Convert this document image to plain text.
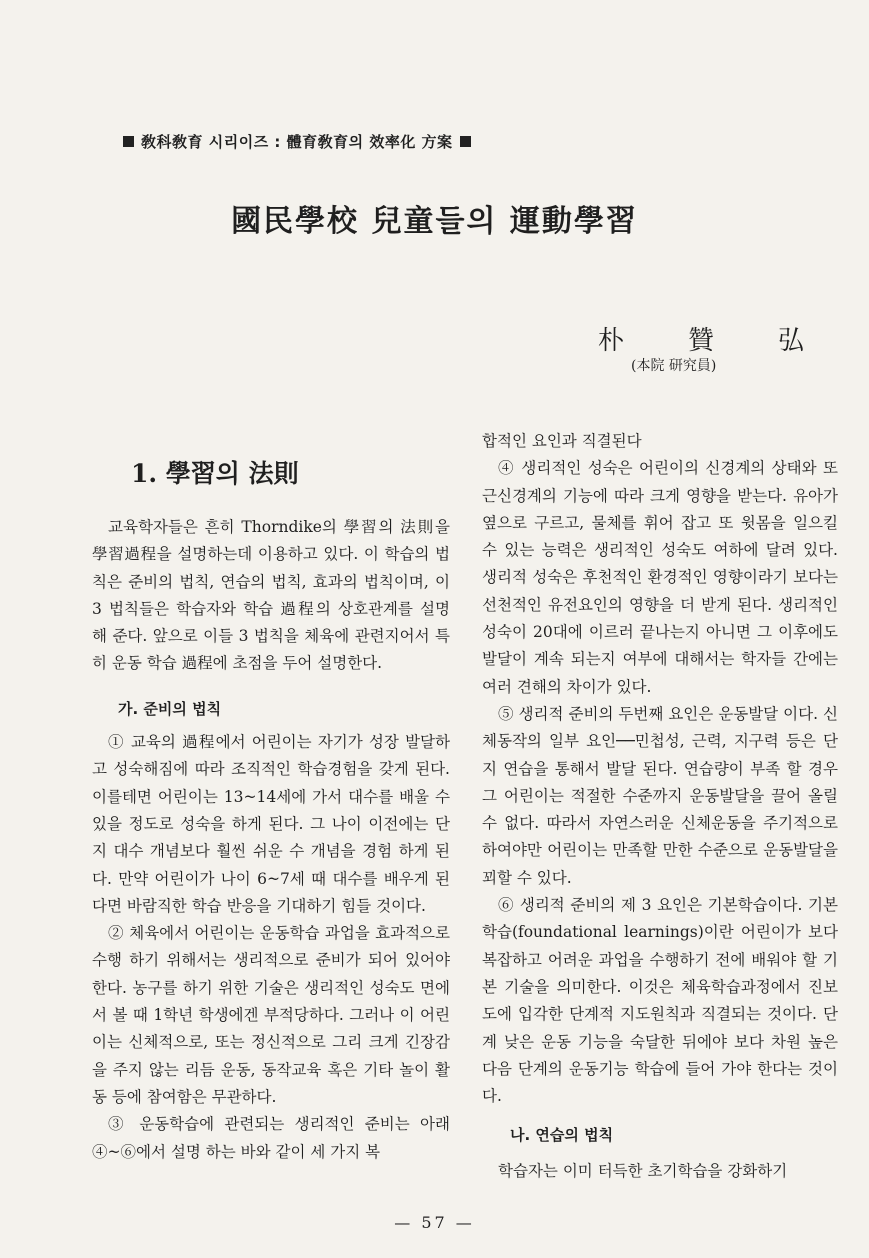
敎科敎育 시리이즈 : 體育敎育의 效率化 方案
國民學校 兒童들의 運動學習
朴 贊 弘
(本院 研究員)
1. 學習의 法則

교육학자들은 흔히 Thorndike의 學習의 法則을 學習過程을 설명하는데 이용하고 있다. 이 학습의 법칙은 준비의 법칙, 연습의 법칙, 효과의 법칙이며, 이 3 법칙들은 학습자와 학습 過程의 상호관계를 설명 해 준다. 앞으로 이들 3 법칙을 체육에 관련지어서 특히 운동 학습 過程에 초점을 두어 설명한다.

가. 준비의 법칙

① 교육의 過程에서 어린이는 자기가 성장 발달하고 성숙해짐에 따라 조직적인 학습경험을 갖게 된다. 이를테면 어린이는 13~14세에 가서 대수를 배울 수 있을 정도로 성숙을 하게 된다. 그 나이 이전에는 단지 대수 개념보다 훨씬 쉬운 수 개념을 경험 하게 된다. 만약 어린이가 나이 6~7세 때 대수를 배우게 된다면 바람직한 학습 반응을 기대하기 힘들 것이다.

② 체육에서 어린이는 운동학습 과업을 효과적으로 수행 하기 위해서는 생리적으로 준비가 되어 있어야 한다. 농구를 하기 위한 기술은 생리적인 성숙도 면에서 볼 때 1학년 학생에겐 부적당하다. 그러나 이 어린이는 신체적으로, 또는 정신적으로 그리 크게 긴장감을 주지 않는 리듬 운동, 동작교육 혹은 기타 놀이 활동 등에 참여함은 무관하다.

③ 운동학습에 관련되는 생리적인 준비는 아래 ④~⑥에서 설명 하는 바와 같이 세 가지 복

합적인 요인과 직결된다

④ 생리적인 성숙은 어린이의 신경계의 상태와 또 근신경계의 기능에 따라 크게 영향을 받는다. 유아가 옆으로 구르고, 물체를 휘어 잡고 또 윗몸을 일으킬 수 있는 능력은 생리적인 성숙도 여하에 달려 있다. 생리적 성숙은 후천적인 환경적인 영향이라기 보다는 선천적인 유전요인의 영향을 더 받게 된다. 생리적인 성숙이 20대에 이르러 끝나는지 아니면 그 이후에도 발달이 계속 되는지 여부에 대해서는 학자들 간에는 여러 견해의 차이가 있다.

⑤ 생리적 준비의 두번째 요인은 운동발달 이다. 신체동작의 일부 요인──민첩성, 근력, 지구력 등은 단지 연습을 통해서 발달 된다. 연습량이 부족 할 경우 그 어린이는 적절한 수준까지 운동발달을 끌어 올릴 수 없다. 따라서 자연스러운 신체운동을 주기적으로 하여야만 어린이는 만족할 만한 수준으로 운동발달을 꾀할 수 있다.

⑥ 생리적 준비의 제 3 요인은 기본학습이다. 기본학습(foundational learnings)이란 어린이가 보다 복잡하고 어려운 과업을 수행하기 전에 배워야 할 기본 기술을 의미한다. 이것은 체육학습과정에서 진보도에 입각한 단계적 지도원칙과 직결되는 것이다. 단계 낮은 운동 기능을 숙달한 뒤에야 보다 차원 높은 다음 단계의 운동기능 학습에 들어 가야 한다는 것이다.

나. 연습의 법칙

학습자는 이미 터득한 초기학습을 강화하기

— 57 —
